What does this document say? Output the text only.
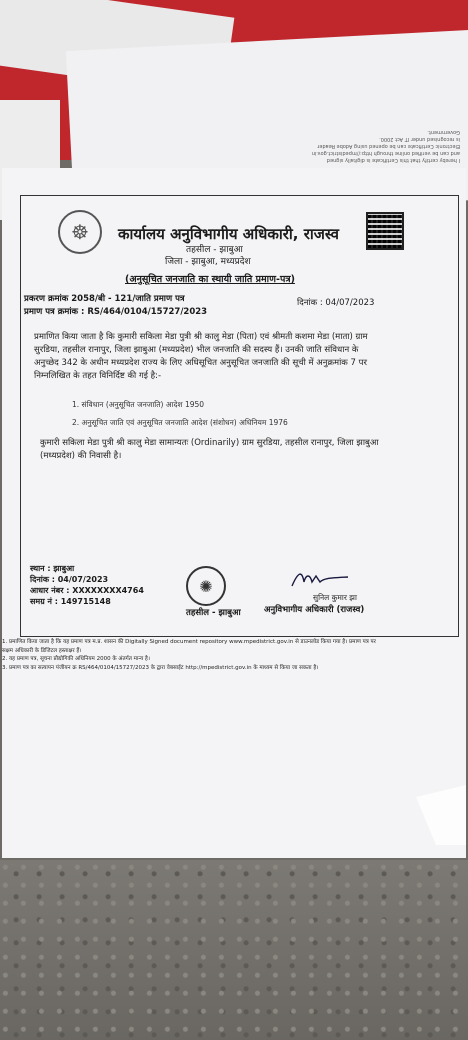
I hereby certify that this Certificate is digitally signed
and can be verified online through http://mpedistrict.gov.in
Electronic Certificate can be opened using Adobe Reader
is recognised under IT Act 2000.
Government.
☸	कार्यालय अनुविभागीय अधिकारी, राजस्व
तहसील - झाबुआ
जिला - झाबुआ, मध्यप्रदेश
(अनुसूचित जनजाति का स्थायी जाति प्रमाण-पत्र)
प्रकरण क्रमांक 2058/बी - 121/जाति प्रमाण पत्र
प्रमाण पत्र क्रमांक : RS/464/0104/15727/2023
दिनांक : 04/07/2023
प्रमाणित किया जाता है कि कुमारी सकिला मेडा पुत्री श्री कालु मेडा (पिता) एवं श्रीमती कशमा मेडा (माता) ग्राम सुरडिया, तहसील रानापुर, जिला झाबुआ (मध्यप्रदेश) भील जनजाति की सदस्य हैं। उनकी जाति संविधान के अनुच्छेद 342 के अधीन मध्यप्रदेश राज्य के लिए अधिसूचित अनुसूचित जनजाति की सूची में अनुक्रमांक 7 पर निम्नलिखित के तहत विनिर्दिष्ट की गई है:-
1. संविधान (अनुसूचित जनजाति) आदेश 1950
2. अनुसूचित जाति एवं अनुसूचित जनजाति आदेश (संशोधन) अधिनियम 1976
कुमारी सकिला मेडा पुत्री श्री कालु मेडा सामान्यतः (Ordinarily) ग्राम सुरडिया, तहसील रानापुर, जिला झाबुआ (मध्यप्रदेश) की निवासी है।
स्थान : झाबुआ
दिनांक : 04/07/2023
आधार नंबर : XXXXXXXX4764
समग्र नं : 149715148
✺
तहसील - झाबुआ
सुनिल कुमार झा
अनुविभागीय अधिकारी (राजस्व)
1. प्रमाणित किया जाता है कि यह प्रमाण पत्र म.प्र. शासन की Digitally Signed document repository www.mpedistrict.gov.in से डाउनलोड किया गया है। प्रमाण पत्र पर
सक्षम अधिकारी के डिजिटल हस्ताक्षर हैं।
2. यह प्रमाण पत्र, सूचना प्रौद्योगिकी अधिनियम 2000 के अंतर्गत मान्य है।
3. प्रमाण पत्र का सत्यापन पंजीयन क्र RS/464/0104/15727/2023 के द्वारा वेबसाईट http://mpedistrict.gov.in के माध्यम से किया जा सकता है।
